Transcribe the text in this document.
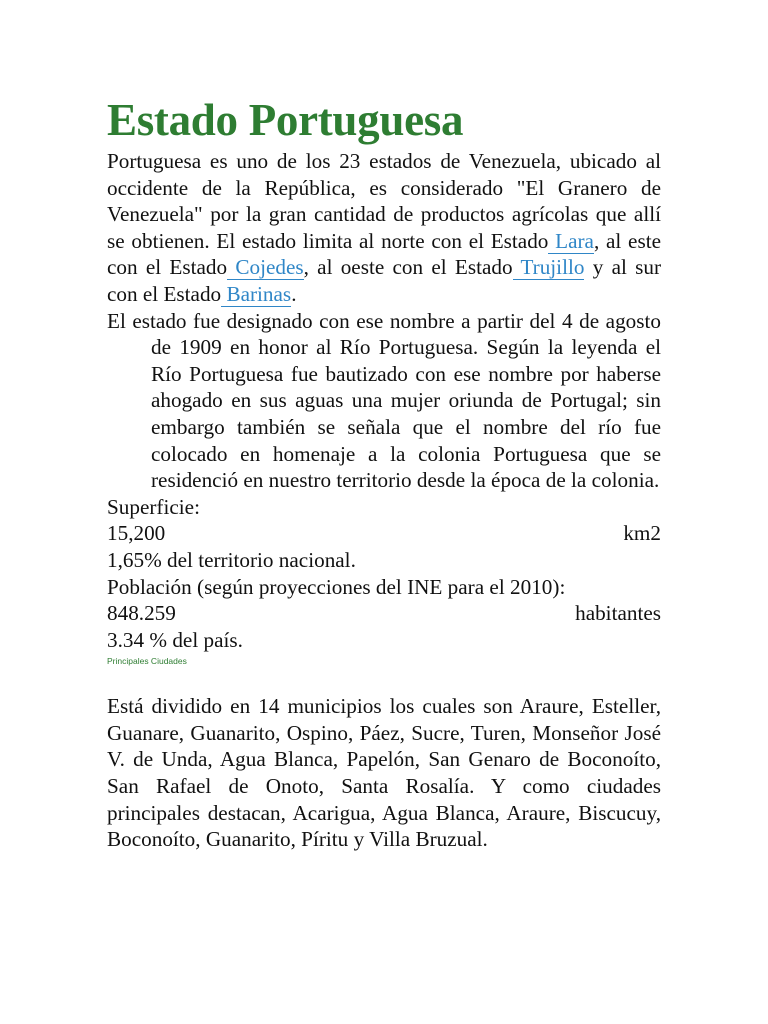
Estado Portuguesa

Portuguesa es uno de los 23 estados de Venezuela, ubicado al occidente de la República, es considerado "El Granero de Venezuela" por la gran cantidad de productos agrícolas que allí se obtienen. El estado limita al norte con el Estado Lara, al este con el Estado Cojedes, al oeste con el Estado Trujillo y al sur con el Estado Barinas.

El estado fue designado con ese nombre a partir del 4 de agosto de 1909 en honor al Río Portuguesa. Según la leyenda el Río Portuguesa fue bautizado con ese nombre por haberse ahogado en sus aguas una mujer oriunda de Portugal; sin embargo también se señala que el nombre del río fue colocado en homenaje a la colonia Portuguesa que se residenció en nuestro territorio desde la época de la colonia.

Superficie:

15,200	km2

1,65% del territorio nacional.

Población (según proyecciones del INE para el 2010):

848.259	habitantes

3.34 % del país.

Principales Ciudades

Está dividido en 14 municipios los cuales son Araure, Esteller, Guanare, Guanarito, Ospino, Páez, Sucre, Turen, Monseñor José V. de Unda, Agua Blanca, Papelón, San Genaro de Boconoíto, San Rafael de Onoto, Santa Rosalía. Y como ciudades principales destacan, Acarigua, Agua Blanca, Araure, Biscucuy, Boconoíto, Guanarito, Píritu y Villa Bruzual.
